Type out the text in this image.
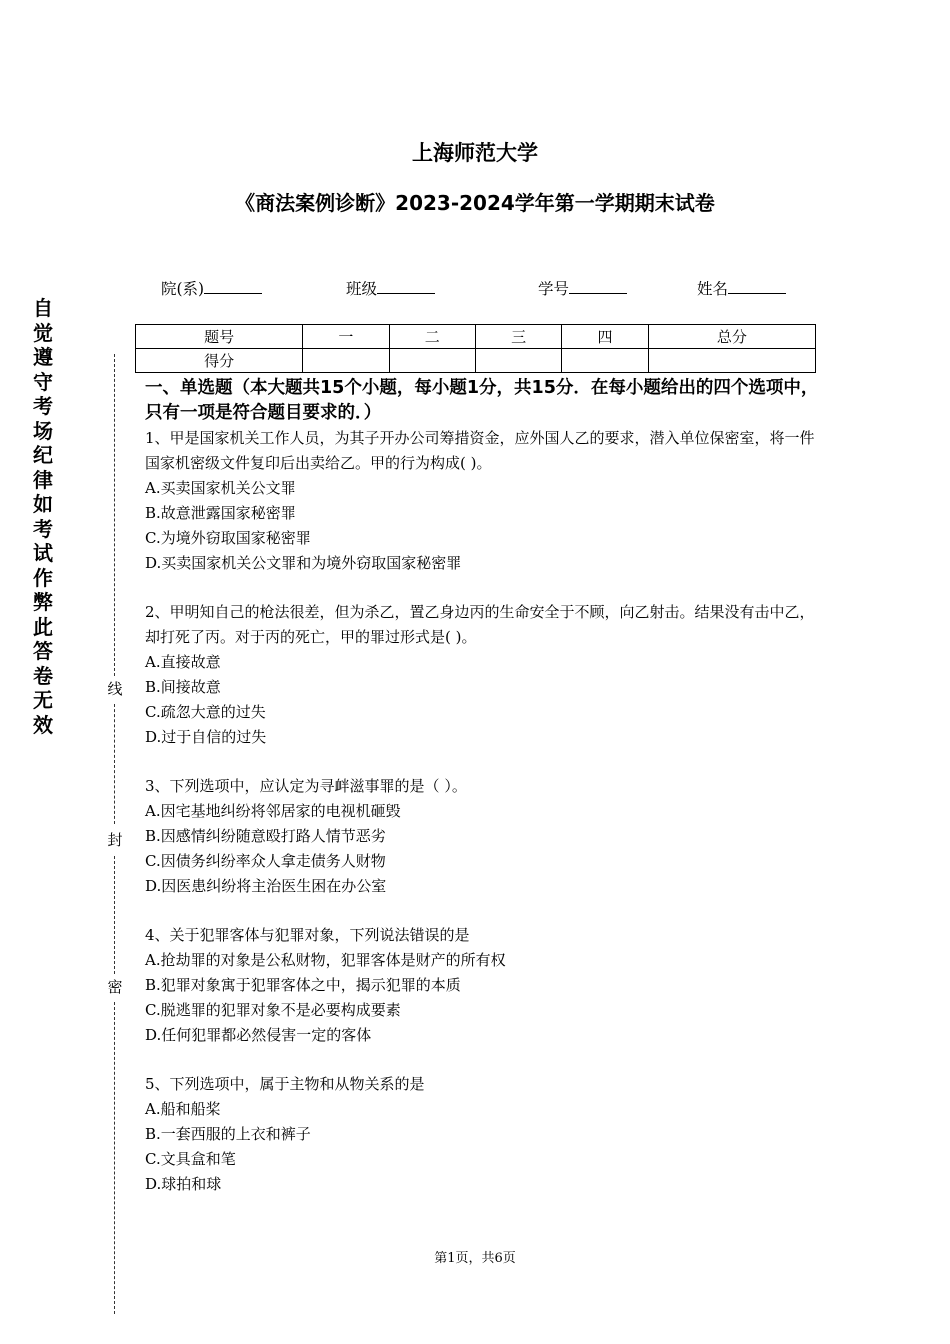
自觉遵守考场纪律如考试作弊此答卷无效
线
封
密
上海师范大学
《商法案例诊断》2023-2024学年第一学期期末试卷
院(系)	班级	学号	姓名
题号	一	二	三	四	总分
得分					
一、单选题（本大题共15个小题，每小题1分，共15分．在每小题给出的四个选项中，只有一项是符合题目要求的．）

1、甲是国家机关工作人员，为其子开办公司筹措资金，应外国人乙的要求，潜入单位保密室，将一件国家机密级文件复印后出卖给乙。甲的行为构成( )。

A.买卖国家机关公文罪

B.故意泄露国家秘密罪

C.为境外窃取国家秘密罪

D.买卖国家机关公文罪和为境外窃取国家秘密罪

2、甲明知自己的枪法很差，但为杀乙，置乙身边丙的生命安全于不顾，向乙射击。结果没有击中乙，却打死了丙。对于丙的死亡，甲的罪过形式是( )。

A.直接故意

B.间接故意

C.疏忽大意的过失

D.过于自信的过失

3、下列选项中，应认定为寻衅滋事罪的是（ ）。

A.因宅基地纠纷将邻居家的电视机砸毁

B.因感情纠纷随意殴打路人情节恶劣

C.因债务纠纷率众人拿走债务人财物

D.因医患纠纷将主治医生困在办公室

4、关于犯罪客体与犯罪对象，下列说法错误的是

A.抢劫罪的对象是公私财物，犯罪客体是财产的所有权

B.犯罪对象寓于犯罪客体之中，揭示犯罪的本质

C.脱逃罪的犯罪对象不是必要构成要素

D.任何犯罪都必然侵害一定的客体

5、下列选项中，属于主物和从物关系的是

A.船和船桨

B.一套西服的上衣和裤子

C.文具盒和笔

D.球拍和球

第1页，共6页
